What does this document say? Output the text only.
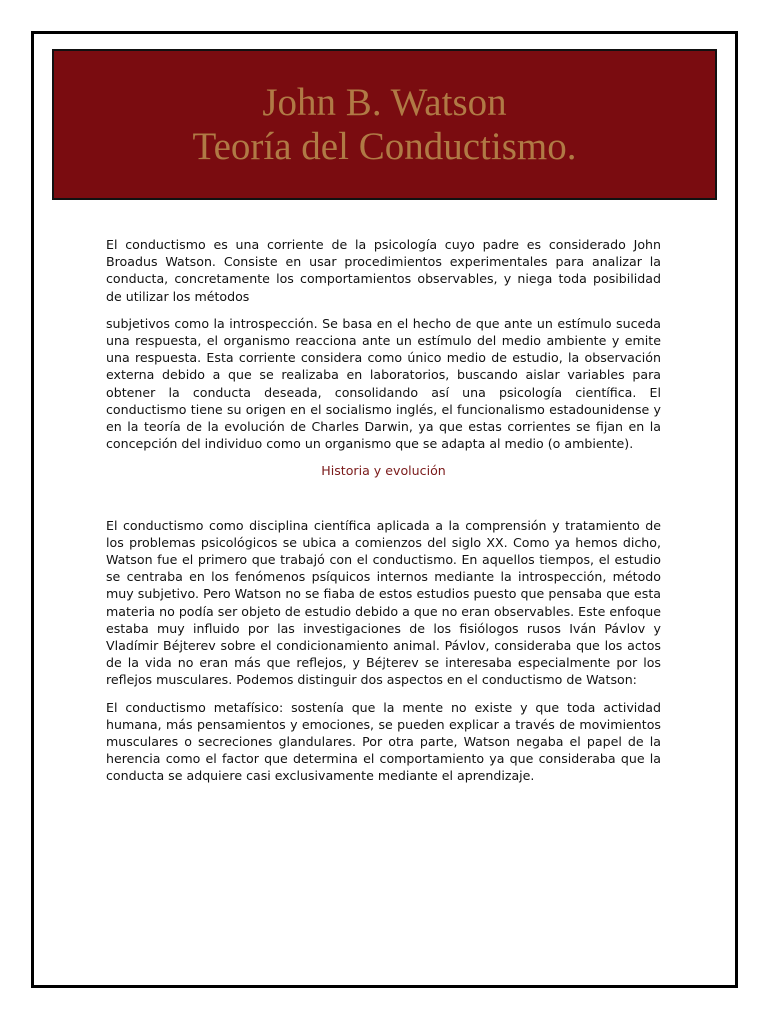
John B. Watson
Teoría del Conductismo.

El conductismo es una corriente de la psicología cuyo padre es considerado John Broadus Watson. Consiste en usar procedimientos experimentales para analizar la conducta, concretamente los comportamientos observables, y niega toda posibilidad de utilizar los métodos

subjetivos como la introspección. Se basa en el hecho de que ante un estímulo suceda una respuesta, el organismo reacciona ante un estímulo del medio ambiente y emite una respuesta. Esta corriente considera como único medio de estudio, la observación externa debido a que se realizaba en laboratorios, buscando aislar variables para obtener la conducta deseada, consolidando así una psicología científica. El conductismo tiene su origen en el socialismo inglés, el funcionalismo estadounidense y en la teoría de la evolución de Charles Darwin, ya que estas corrientes se fijan en la concepción del individuo como un organismo que se adapta al medio (o ambiente).

Historia y evolución

El conductismo como disciplina científica aplicada a la comprensión y tratamiento de los problemas psicológicos se ubica a comienzos del siglo XX. Como ya hemos dicho, Watson fue el primero que trabajó con el conductismo. En aquellos tiempos, el estudio se centraba en los fenómenos psíquicos internos mediante la introspección, método muy subjetivo. Pero Watson no se fiaba de estos estudios puesto que pensaba que esta materia no podía ser objeto de estudio debido a que no eran observables. Este enfoque estaba muy influido por las investigaciones de los fisiólogos rusos Iván Pávlov y Vladímir Béjterev sobre el condicionamiento animal. Pávlov, consideraba que los actos de la vida no eran más que reflejos, y Béjterev se interesaba especialmente por los reflejos musculares. Podemos distinguir dos aspectos en el conductismo de Watson:

El conductismo metafísico: sostenía que la mente no existe y que toda actividad humana, más pensamientos y emociones, se pueden explicar a través de movimientos musculares o secreciones glandulares. Por otra parte, Watson negaba el papel de la herencia como el factor que determina el comportamiento ya que consideraba que la conducta se adquiere casi exclusivamente mediante el aprendizaje.
